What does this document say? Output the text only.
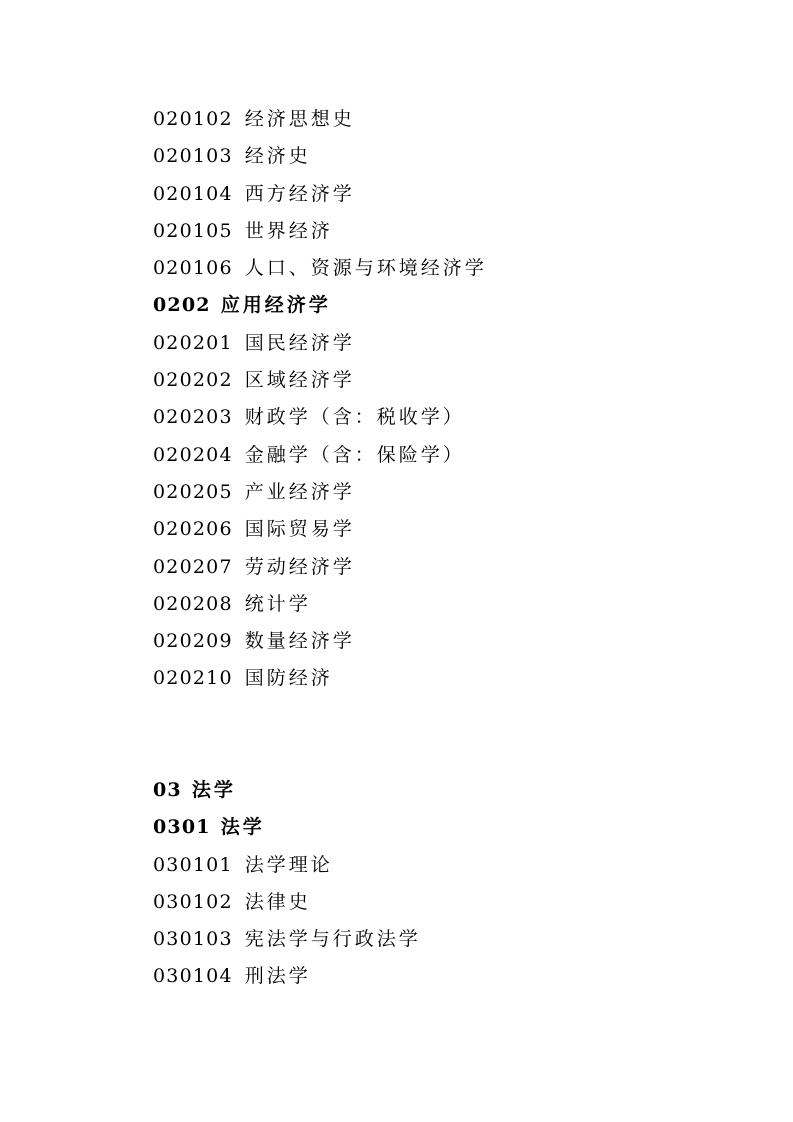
020102 经济思想史
020103 经济史
020104 西方经济学
020105 世界经济
020106 人口、资源与环境经济学
0202 应用经济学
020201 国民经济学
020202 区域经济学
020203 财政学（含：税收学）
020204 金融学（含：保险学）
020205 产业经济学
020206 国际贸易学
020207 劳动经济学
020208 统计学
020209 数量经济学
020210 国防经济
03 法学
0301 法学
030101 法学理论
030102 法律史
030103 宪法学与行政法学
030104 刑法学
